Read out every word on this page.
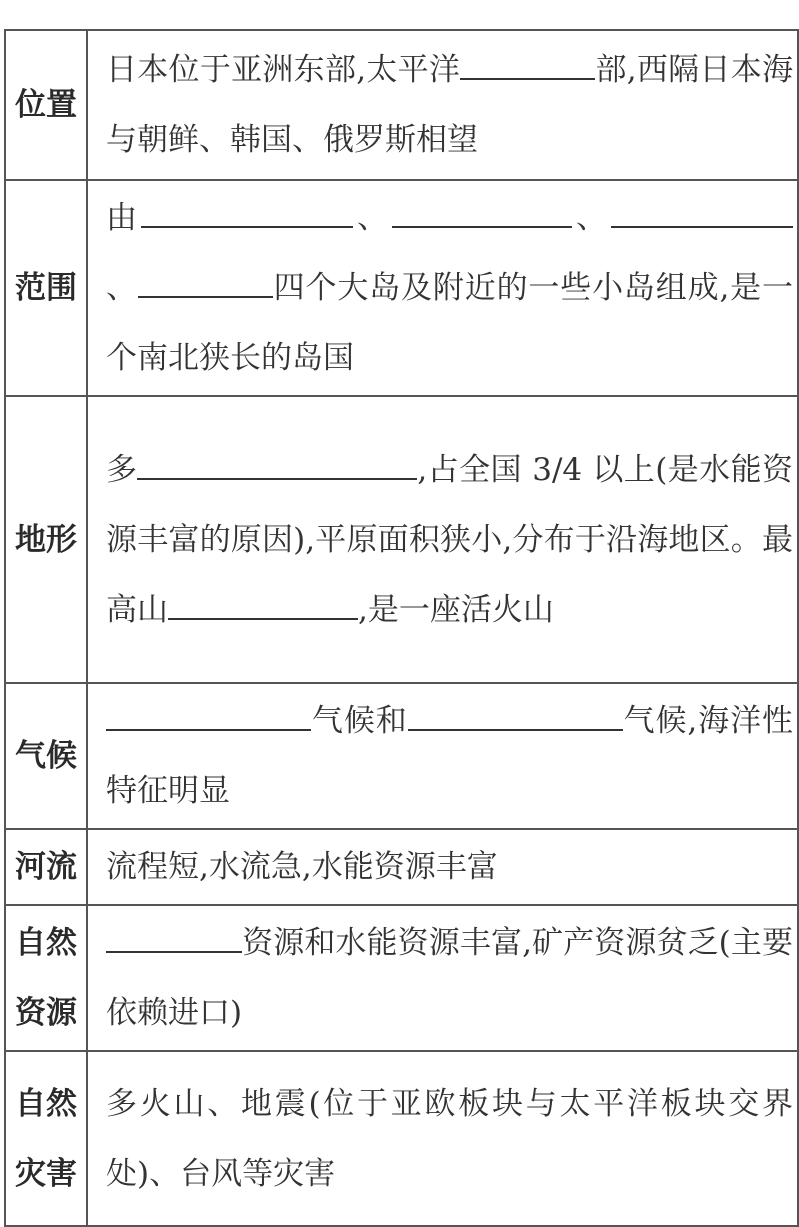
位置	日本位于亚洲东部,太平洋 部,西隔日本海与朝鲜、韩国、俄罗斯相望
范围	由 、 、、 四个大岛及附近的一些小岛组成,是一个南北狭长的岛国
地形	多 ,占全国 3/4 以上(是水能资源丰富的原因),平原面积狭小,分布于沿海地区。最高山 ,是一座活火山
气候	气候和 气候,海洋性特征明显
河流	流程短,水流急,水能资源丰富

自然
资源	资源和水能资源丰富,矿产资源贫乏(主要依赖进口)

自然
灾害	多火山、地震(位于亚欧板块与太平洋板块交界处)、台风等灾害
